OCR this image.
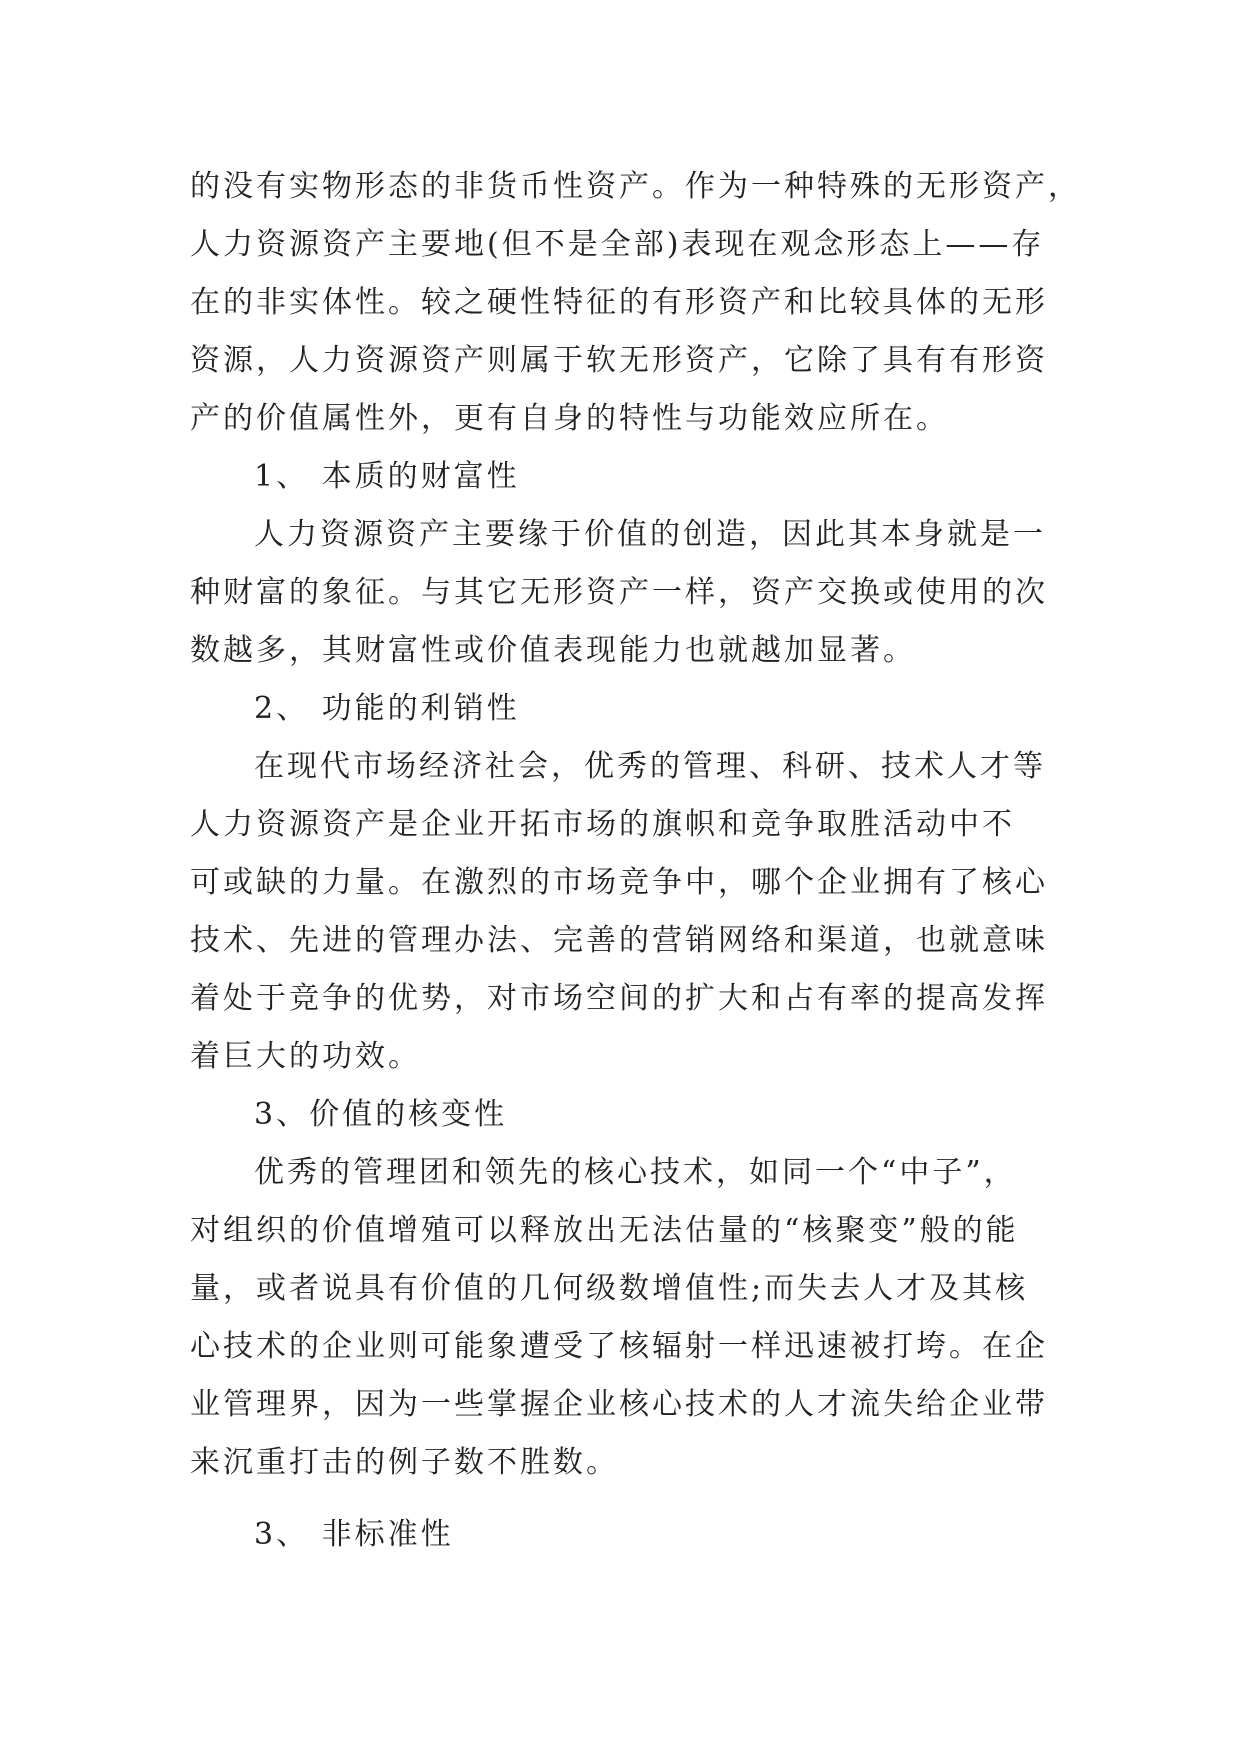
的没有实物形态的非货币性资产。作为一种特殊的无形资产，
人力资源资产主要地(但不是全部)表现在观念形态上——存
在的非实体性。较之硬性特征的有形资产和比较具体的无形
资源，人力资源资产则属于软无形资产，它除了具有有形资
产的价值属性外，更有自身的特性与功能效应所在。
1、 本质的财富性
人力资源资产主要缘于价值的创造，因此其本身就是一
种财富的象征。与其它无形资产一样，资产交换或使用的次
数越多，其财富性或价值表现能力也就越加显著。
2、 功能的利销性
在现代市场经济社会，优秀的管理、科研、技术人才等
人力资源资产是企业开拓市场的旗帜和竞争取胜活动中不
可或缺的力量。在激烈的市场竞争中，哪个企业拥有了核心
技术、先进的管理办法、完善的营销网络和渠道，也就意味
着处于竞争的优势，对市场空间的扩大和占有率的提高发挥
着巨大的功效。
3、价值的核变性
优秀的管理团和领先的核心技术，如同一个“中子”，
对组织的价值增殖可以释放出无法估量的“核聚变”般的能
量，或者说具有价值的几何级数增值性;而失去人才及其核
心技术的企业则可能象遭受了核辐射一样迅速被打垮。在企
业管理界，因为一些掌握企业核心技术的人才流失给企业带
来沉重打击的例子数不胜数。
3、 非标准性
